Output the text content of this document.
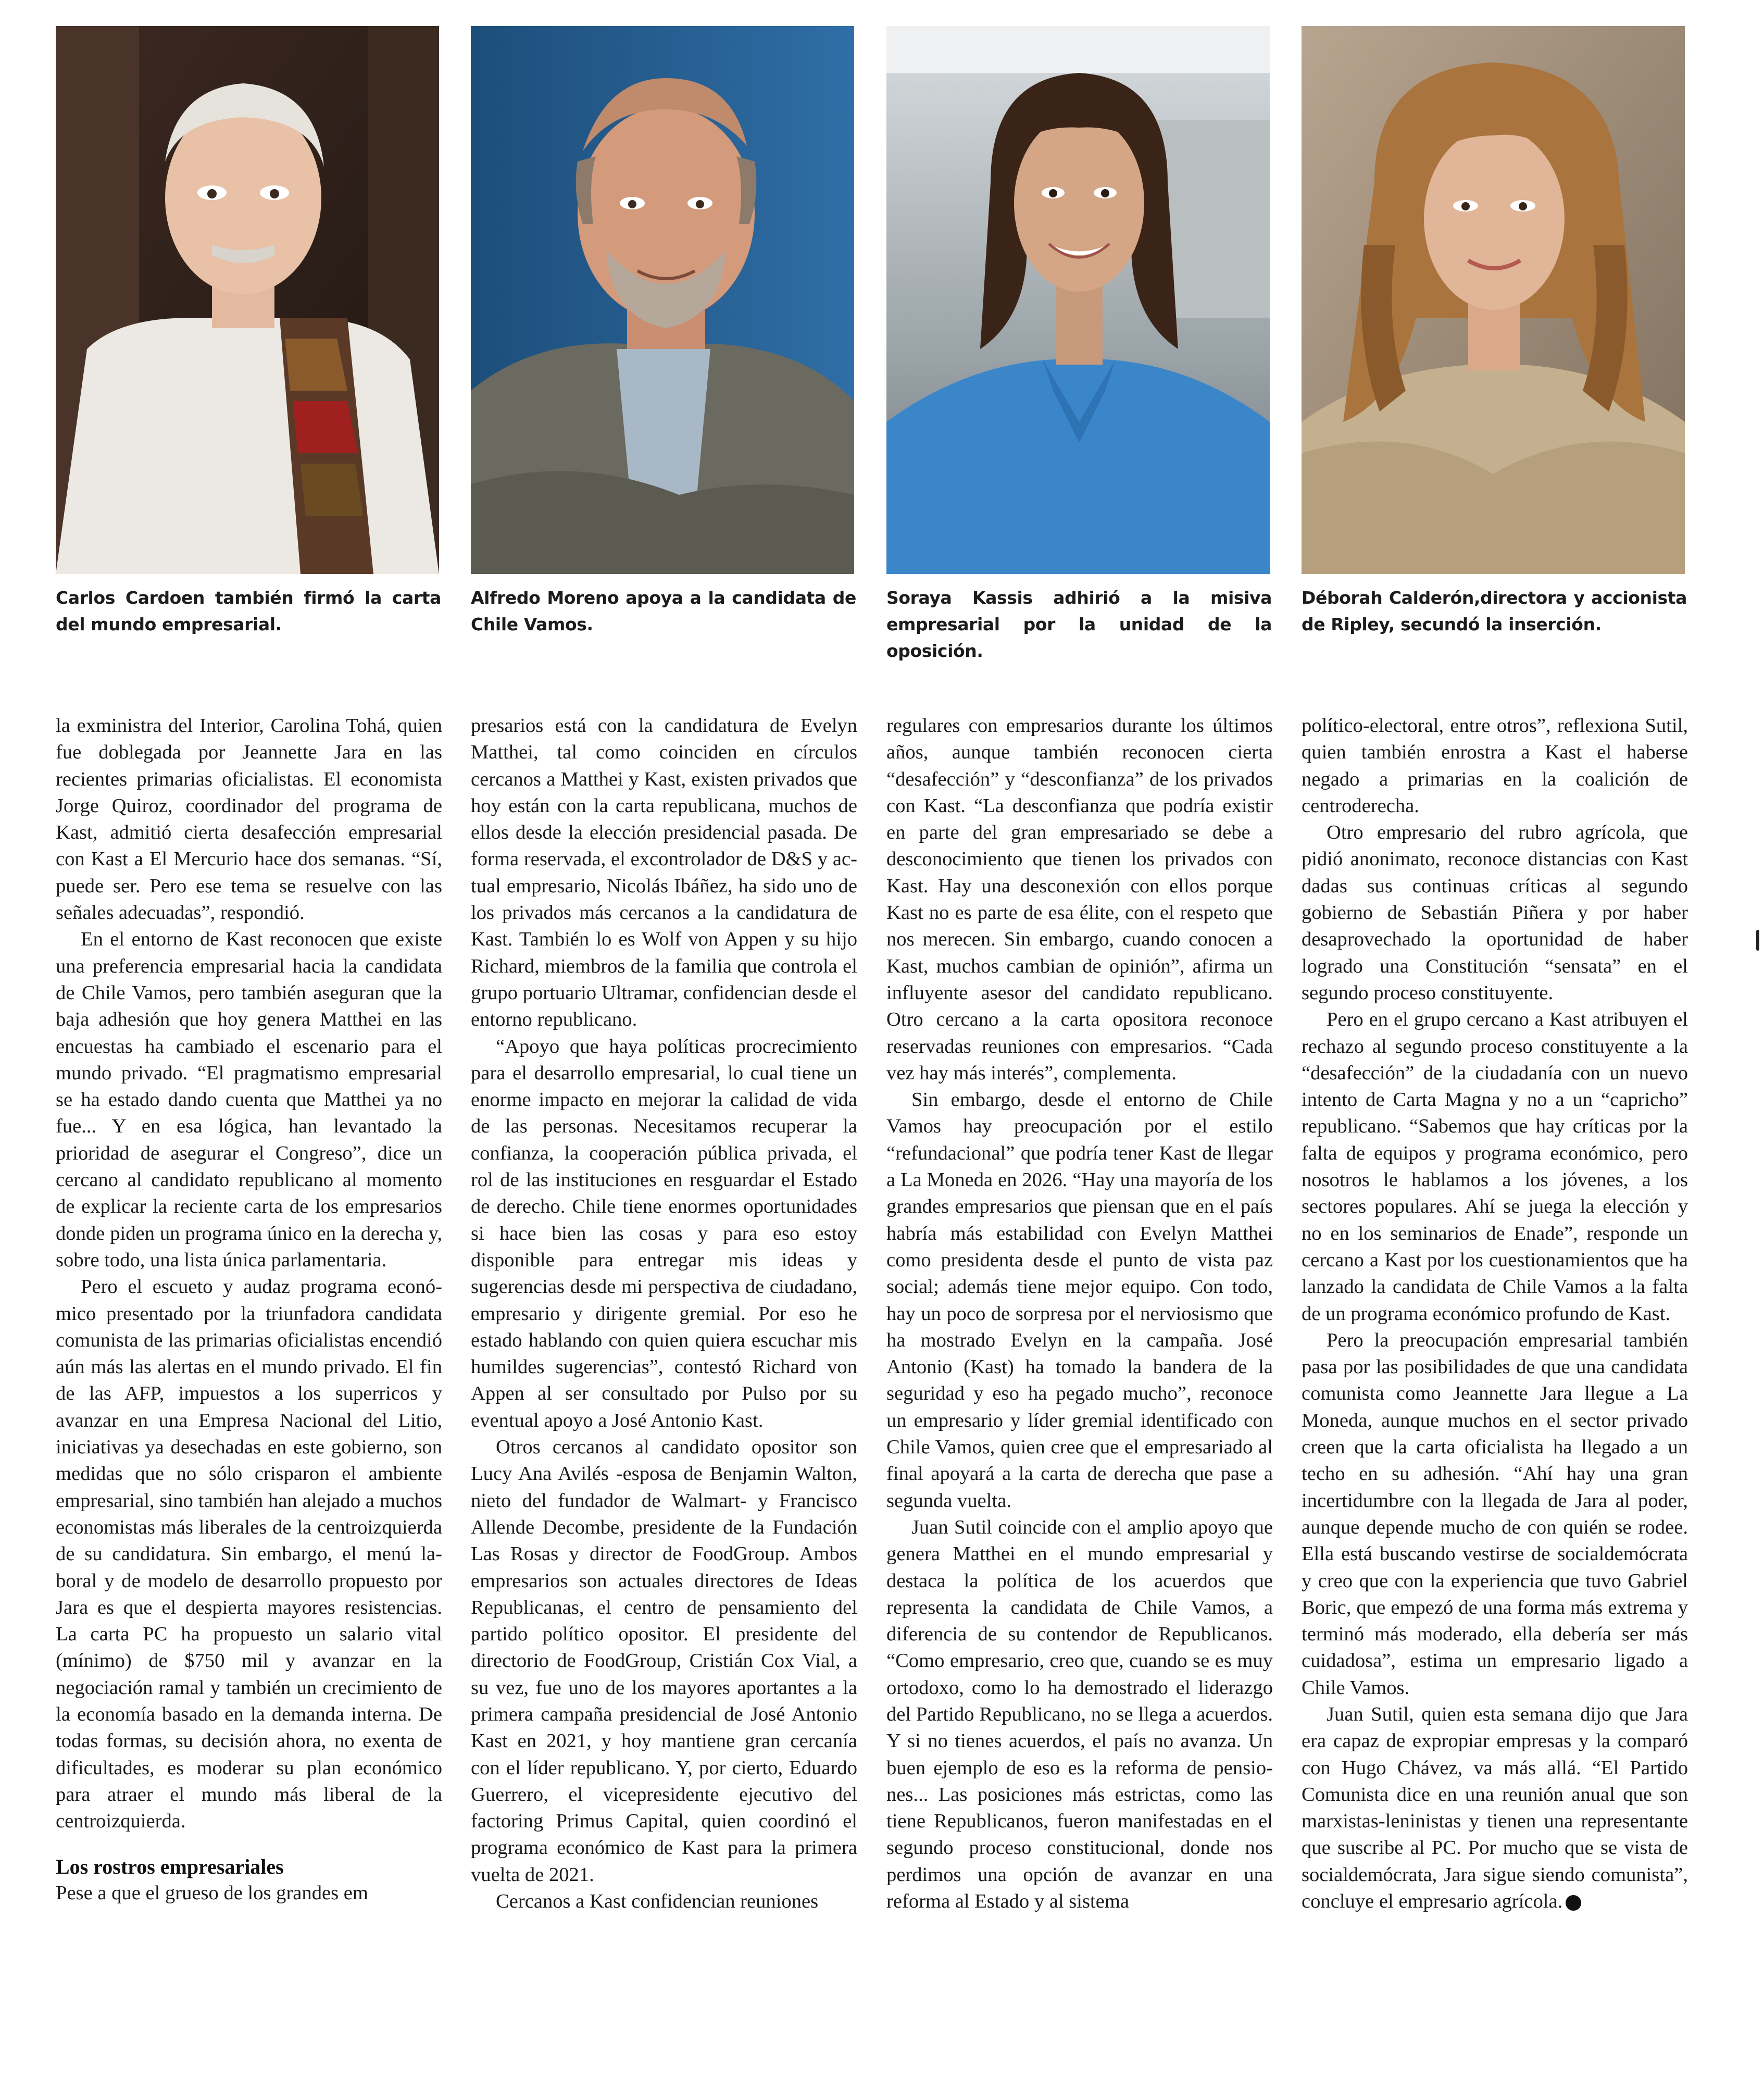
Carlos Cardoen también firmó la carta del mundo empresarial.
Alfredo Moreno apoya a la candidata de Chile Vamos.
Soraya Kassis adhirió a la misiva empresarial por la unidad de la oposición.
Déborah Calderón,directora y accionista de Ripley, secundó la inserción.

la exministra del Interior, Carolina Tohá, quien fue doblegada por Jeannette Jara en las recientes primarias oficialistas. El economista Jorge Quiroz, coordinador del programa de Kast, admitió cierta desafección empresarial con Kast a El Mercurio hace dos semanas. “Sí, puede ser. Pero ese tema se resuelve con las señales adecuadas”, respondió.

En el entorno de Kast reconocen que existe una preferencia empresarial hacia la candidata de Chile Vamos, pero también aseguran que la baja adhesión que hoy genera Matthei en las encuestas ha cambiado el escenario para el mundo privado. “El pragmatismo empresarial se ha estado dando cuenta que Matthei ya no fue... Y en esa lógica, han levantado la prioridad de asegurar el Congreso”, dice un cercano al candidato republicano al momento de explicar la reciente carta de los empresarios donde piden un programa único en la derecha y, sobre todo, una lista única parlamentaria.

Pero el escueto y audaz programa económico presentado por la triunfadora candidata comunista de las primarias oficialistas encendió aún más las alertas en el mundo privado. El fin de las AFP, impuestos a los superricos y avanzar en una Empresa Nacional del Litio, iniciativas ya desechadas en este gobierno, son medidas que no sólo crisparon el ambiente empresarial, sino también han alejado a muchos economistas más liberales de la centroizquierda de su candidatura. Sin embargo, el menú laboral y de modelo de desarrollo propuesto por Jara es que el despierta mayores resistencias. La carta PC ha propuesto un salario vital (mínimo) de $750 mil y avanzar en la negociación ramal y también un crecimiento de la economía basado en la demanda interna. De todas formas, su decisión ahora, no exenta de dificultades, es moderar su plan económico para atraer el mundo más liberal de la centroizquierda.

Los rostros empresariales

Pese a que el grueso de los grandes em

presarios está con la candidatura de Evelyn Matthei, tal como coinciden en círculos cercanos a Matthei y Kast, existen privados que hoy están con la carta republicana, muchos de ellos desde la elección presidencial pasada. De forma reservada, el excontrolador de D&S y actual empresario, Nicolás Ibáñez, ha sido uno de los privados más cercanos a la candidatura de Kast. También lo es Wolf von Appen y su hijo Richard, miembros de la familia que controla el grupo portuario Ultramar, confidencian desde el entorno republicano.

“Apoyo que haya políticas procrecimiento para el desarrollo empresarial, lo cual tiene un enorme impacto en mejorar la calidad de vida de las personas. Necesitamos recuperar la confianza, la cooperación pública privada, el rol de las instituciones en resguardar el Estado de derecho. Chile tiene enormes oportunidades si hace bien las cosas y para eso estoy disponible para entregar mis ideas y sugerencias desde mi perspectiva de ciudadano, empresario y dirigente gremial. Por eso he estado hablando con quien quiera escuchar mis humildes sugerencias”, contestó Richard von Appen al ser consultado por Pulso por su eventual apoyo a José Antonio Kast.

Otros cercanos al candidato opositor son Lucy Ana Avilés -esposa de Benjamin Walton, nieto del fundador de Walmart- y Francisco Allende Decombe, presidente de la Fundación Las Rosas y director de FoodGroup. Ambos empresarios son actuales directores de Ideas Republicanas, el centro de pensamiento del partido político opositor. El presidente del directorio de FoodGroup, Cristián Cox Vial, a su vez, fue uno de los mayores aportantes a la primera campaña presidencial de José Antonio Kast en 2021, y hoy mantiene gran cercanía con el líder republicano. Y, por cierto, Eduardo Guerrero, el vicepresidente ejecutivo del factoring Primus Capital, quien coordinó el programa económico de Kast para la primera vuelta de 2021.

Cercanos a Kast confidencian reuniones

regulares con empresarios durante los últimos años, aunque también reconocen cierta “desafección” y “desconfianza” de los privados con Kast. “La desconfianza que podría existir en parte del gran empresariado se debe a desconocimiento que tienen los privados con Kast. Hay una desconexión con ellos porque Kast no es parte de esa élite, con el respeto que nos merecen. Sin embargo, cuando conocen a Kast, muchos cambian de opinión”, afirma un influyente asesor del candidato republicano. Otro cercano a la carta opositora reconoce reservadas reuniones con empresarios. “Cada vez hay más interés”, complementa.

Sin embargo, desde el entorno de Chile Vamos hay preocupación por el estilo “refundacional” que podría tener Kast de llegar a La Moneda en 2026. “Hay una mayoría de los grandes empresarios que piensan que en el país habría más estabilidad con Evelyn Matthei como presidenta desde el punto de vista paz social; además tiene mejor equipo. Con todo, hay un poco de sorpresa por el nerviosismo que ha mostrado Evelyn en la campaña. José Antonio (Kast) ha tomado la bandera de la seguridad y eso ha pegado mucho”, reconoce un empresario y líder gremial identificado con Chile Vamos, quien cree que el empresariado al final apoyará a la carta de derecha que pase a segunda vuelta.

Juan Sutil coincide con el amplio apoyo que genera Matthei en el mundo empresarial y destaca la política de los acuerdos que representa la candidata de Chile Vamos, a diferencia de su contendor de Republicanos. “Como empresario, creo que, cuando se es muy ortodoxo, como lo ha demostrado el liderazgo del Partido Republicano, no se llega a acuerdos. Y si no tienes acuerdos, el país no avanza. Un buen ejemplo de eso es la reforma de pensiones... Las posiciones más estrictas, como las tiene Republicanos, fueron manifestadas en el segundo proceso constitucional, donde nos perdimos una opción de avanzar en una reforma al Estado y al sistema

político-electoral, entre otros”, reflexiona Sutil, quien también enrostra a Kast el haberse negado a primarias en la coalición de centroderecha.

Otro empresario del rubro agrícola, que pidió anonimato, reconoce distancias con Kast dadas sus continuas críticas al segundo gobierno de Sebastián Piñera y por haber desaprovechado la oportunidad de haber logrado una Constitución “sensata” en el segundo proceso constituyente.

Pero en el grupo cercano a Kast atribuyen el rechazo al segundo proceso constituyente a la “desafección” de la ciudadanía con un nuevo intento de Carta Magna y no a un “capricho” republicano. “Sabemos que hay críticas por la falta de equipos y programa económico, pero nosotros le hablamos a los jóvenes, a los sectores populares. Ahí se juega la elección y no en los seminarios de Enade”, responde un cercano a Kast por los cuestionamientos que ha lanzado la candidata de Chile Vamos a la falta de un programa económico profundo de Kast.

Pero la preocupación empresarial también pasa por las posibilidades de que una candidata comunista como Jeannette Jara llegue a La Moneda, aunque muchos en el sector privado creen que la carta oficialista ha llegado a un techo en su adhesión. “Ahí hay una gran incertidumbre con la llegada de Jara al poder, aunque depende mucho de con quién se rodee. Ella está buscando vestirse de socialdemócrata y creo que con la experiencia que tuvo Gabriel Boric, que empezó de una forma más extrema y terminó más moderado, ella debería ser más cuidadosa”, estima un empresario ligado a Chile Vamos.

Juan Sutil, quien esta semana dijo que Jara era capaz de expropiar empresas y la comparó con Hugo Chávez, va más allá. “El Partido Comunista dice en una reunión anual que son marxistas-leninistas y tienen una representante que suscribe al PC. Por mucho que se vista de socialdemócrata, Jara sigue siendo comunista”, concluye el empresario agrícola.	P
